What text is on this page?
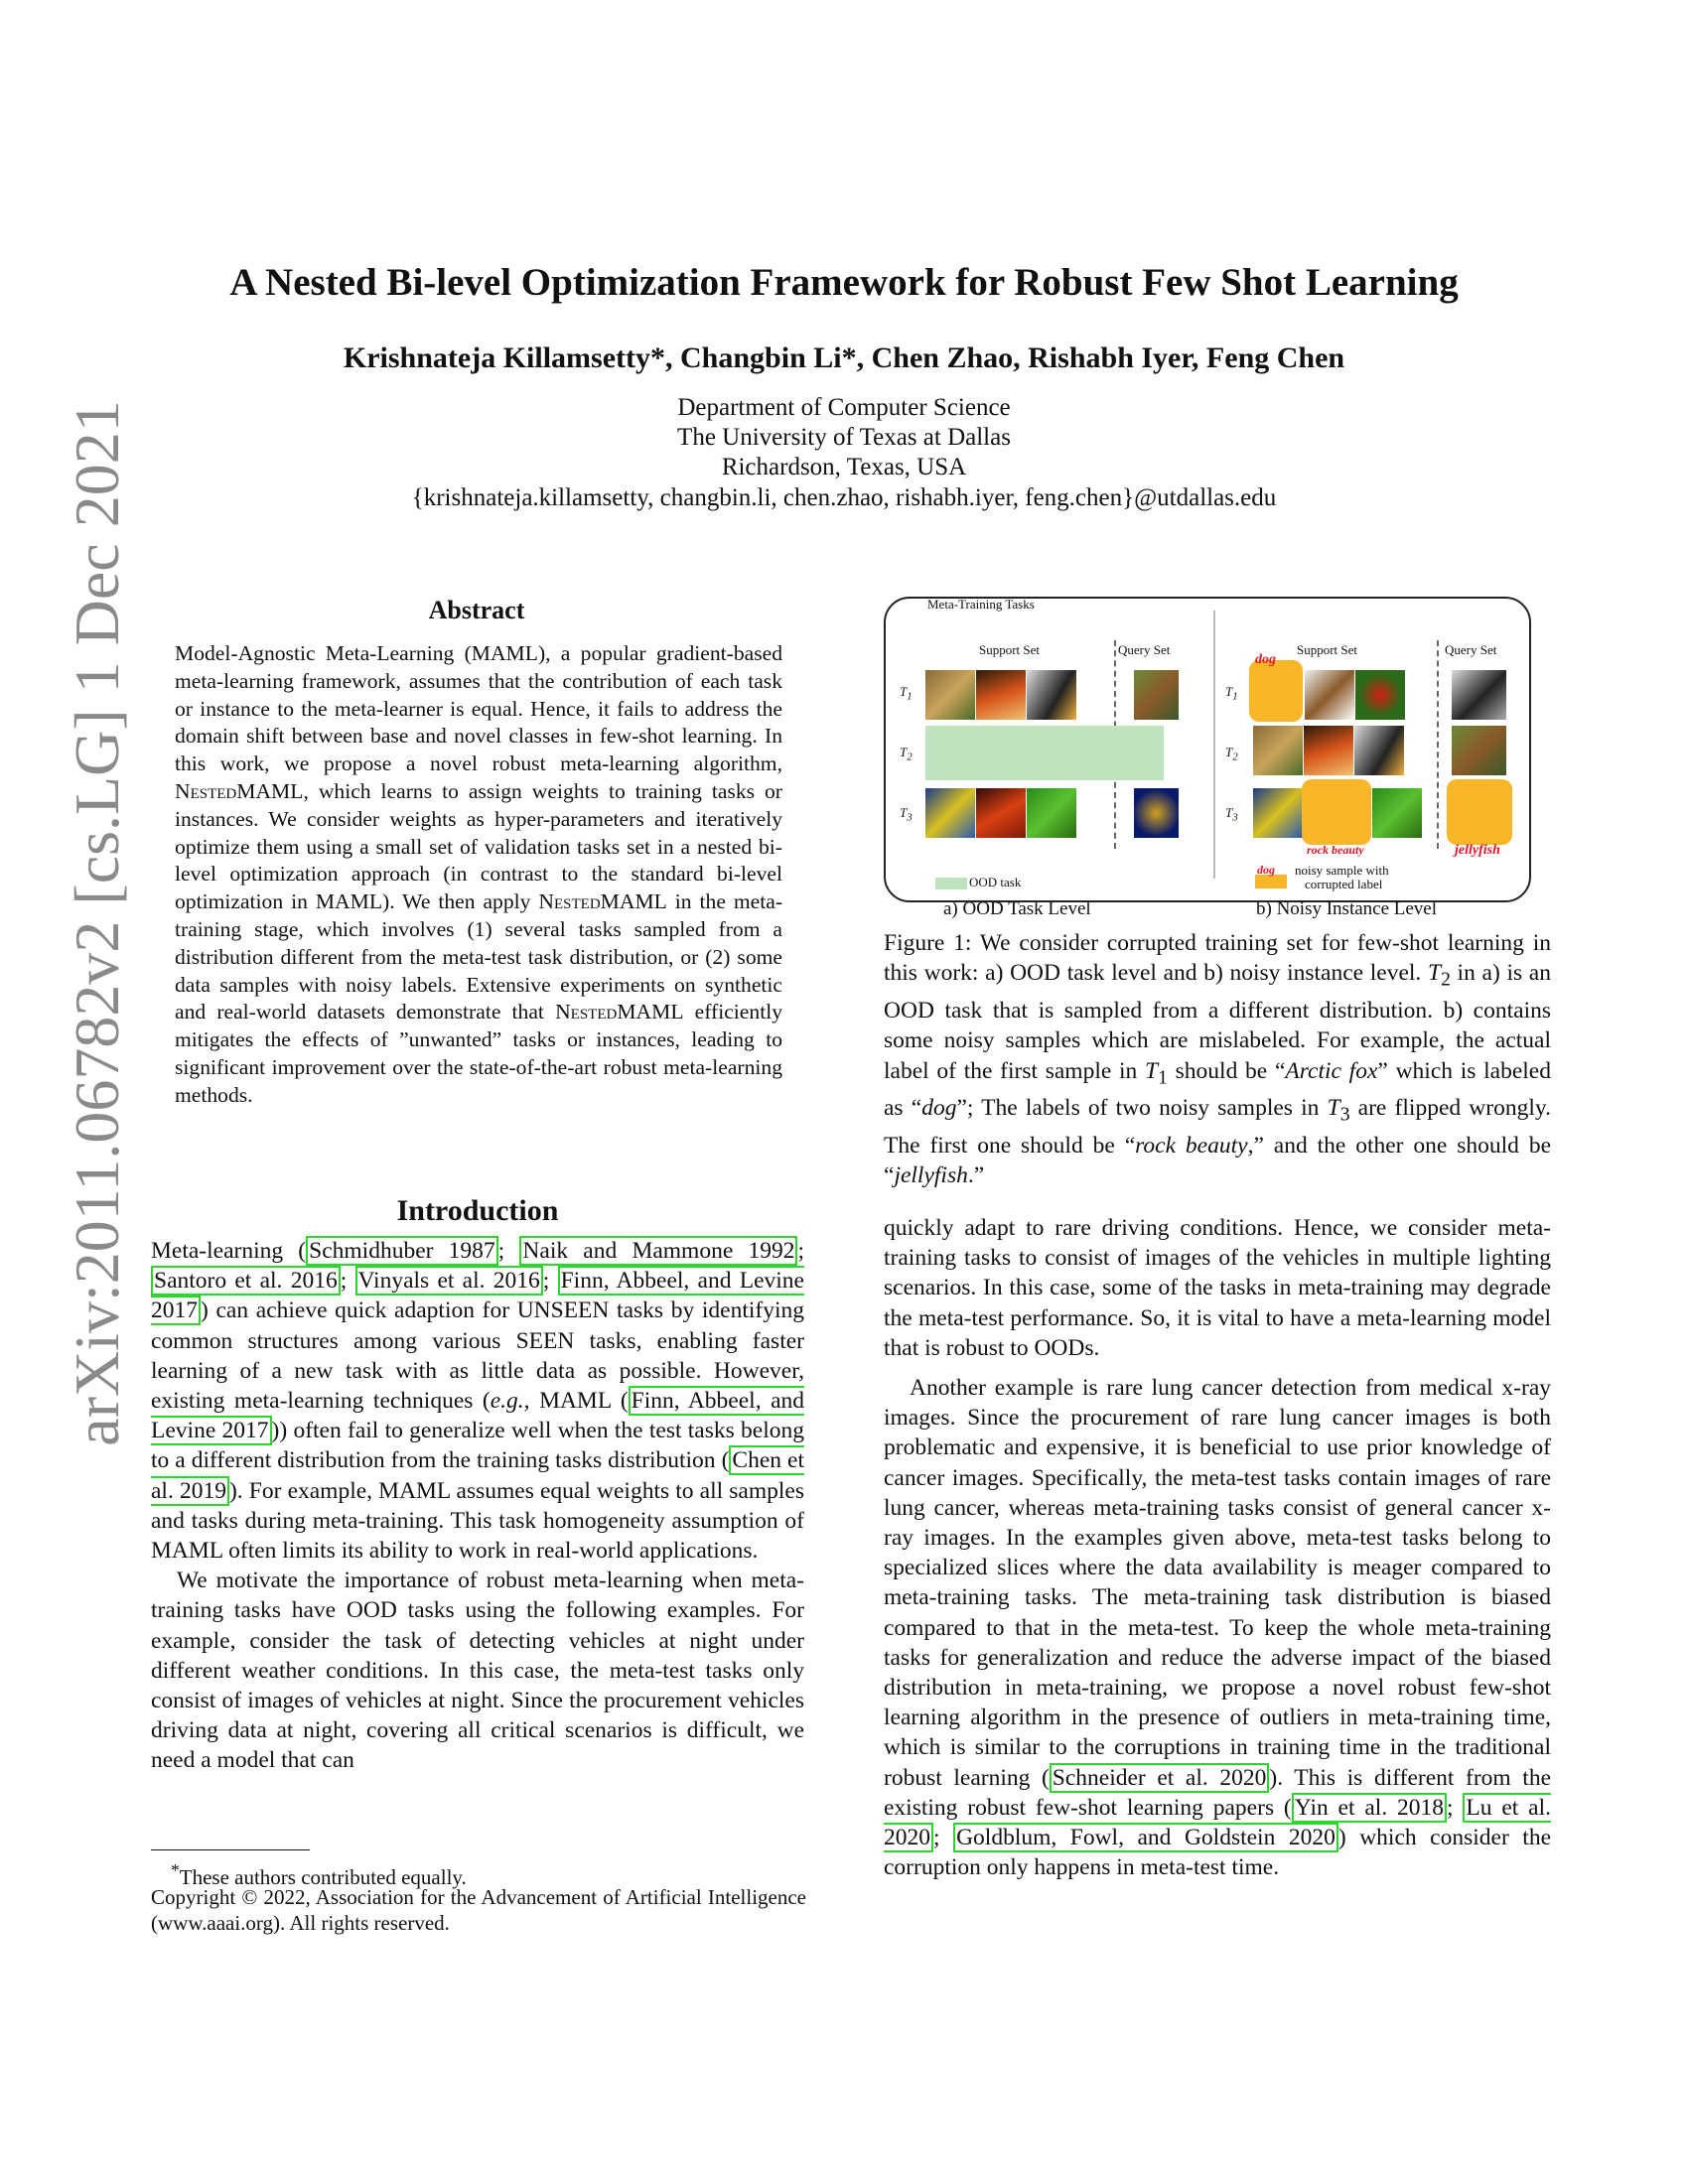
arXiv:2011.06782v2 [cs.LG] 1 Dec 2021
A Nested Bi-level Optimization Framework for Robust Few Shot Learning
Krishnateja Killamsetty*, Changbin Li*, Chen Zhao, Rishabh Iyer, Feng Chen
Department of Computer Science
The University of Texas at Dallas
Richardson, Texas, USA
{krishnateja.killamsetty, changbin.li, chen.zhao, rishabh.iyer, feng.chen}@utdallas.edu
Abstract
Model-Agnostic Meta-Learning (MAML), a popular gradient-based meta-learning framework, assumes that the contribution of each task or instance to the meta-learner is equal. Hence, it fails to address the domain shift between base and novel classes in few-shot learning. In this work, we propose a novel robust meta-learning algorithm, NestedMAML, which learns to assign weights to training tasks or instances. We consider weights as hyper-parameters and iteratively optimize them using a small set of validation tasks set in a nested bi-level optimization approach (in contrast to the standard bi-level optimization in MAML). We then apply NestedMAML in the meta-training stage, which involves (1) several tasks sampled from a distribution different from the meta-test task distribution, or (2) some data samples with noisy labels. Extensive experiments on synthetic and real-world datasets demonstrate that NestedMAML efficiently mitigates the effects of ”unwanted” tasks or instances, leading to significant improvement over the state-of-the-art robust meta-learning methods.
Introduction

Meta-learning ( Schmidhuber 1987 ; Naik and Mammone 1992 ; Santoro et al. 2016 ; Vinyals et al. 2016 ; Finn, Abbeel, and Levine 2017 ) can achieve quick adaption for UNSEEN tasks by identifying common structures among various SEEN tasks, enabling faster learning of a new task with as little data as possible. However, existing meta-learning techniques (e.g., MAML ( Finn, Abbeel, and Levine 2017 )) often fail to generalize well when the test tasks belong to a different distribution from the training tasks distribution ( Chen et al. 2019 ). For example, MAML assumes equal weights to all samples and tasks during meta-training. This task homogeneity assumption of MAML often limits its ability to work in real-world applications.

We motivate the importance of robust meta-learning when meta-training tasks have OOD tasks using the following examples. For example, consider the task of detecting vehicles at night under different weather conditions. In this case, the meta-test tasks only consist of images of vehicles at night. Since the procurement vehicles driving data at night, covering all critical scenarios is difficult, we need a model that can

*These authors contributed equally.
Copyright © 2022, Association for the Advancement of Artificial Intelligence (www.aaai.org). All rights reserved.
Meta-Training Tasks
Support Set	Query Set
$T_1$
$T_2$
$T_3$
OOD task
Support Set	Query Set
$T_1$
$T_2$
$T_3$
dog
rock beauty	jellyfish
dog noisy sample with
corrupted label
a) OOD Task Level	b) Noisy Instance Level
Figure 1: We consider corrupted training set for few-shot learning in this work: a) OOD task level and b) noisy instance level. $T_2$ in a) is an OOD task that is sampled from a different distribution. b) contains some noisy samples which are mislabeled. For example, the actual label of the first sample in $T_1$ should be “Arctic fox” which is labeled as “dog”; The labels of two noisy samples in $T_3$ are flipped wrongly. The first one should be “rock beauty,” and the other one should be “jellyfish.”

quickly adapt to rare driving conditions. Hence, we consider meta-training tasks to consist of images of the vehicles in multiple lighting scenarios. In this case, some of the tasks in meta-training may degrade the meta-test performance. So, it is vital to have a meta-learning model that is robust to OODs.

Another example is rare lung cancer detection from medical x-ray images. Since the procurement of rare lung cancer images is both problematic and expensive, it is beneficial to use prior knowledge of cancer images. Specifically, the meta-test tasks contain images of rare lung cancer, whereas meta-training tasks consist of general cancer x-ray images. In the examples given above, meta-test tasks belong to specialized slices where the data availability is meager compared to meta-training tasks. The meta-training task distribution is biased compared to that in the meta-test. To keep the whole meta-training tasks for generalization and reduce the adverse impact of the biased distribution in meta-training, we propose a novel robust few-shot learning algorithm in the presence of outliers in meta-training time, which is similar to the corruptions in training time in the traditional robust learning ( Schneider et al. 2020 ). This is different from the existing robust few-shot learning papers ( Yin et al. 2018 ; Lu et al. 2020 ; Goldblum, Fowl, and Goldstein 2020 ) which consider the corruption only happens in meta-test time.
